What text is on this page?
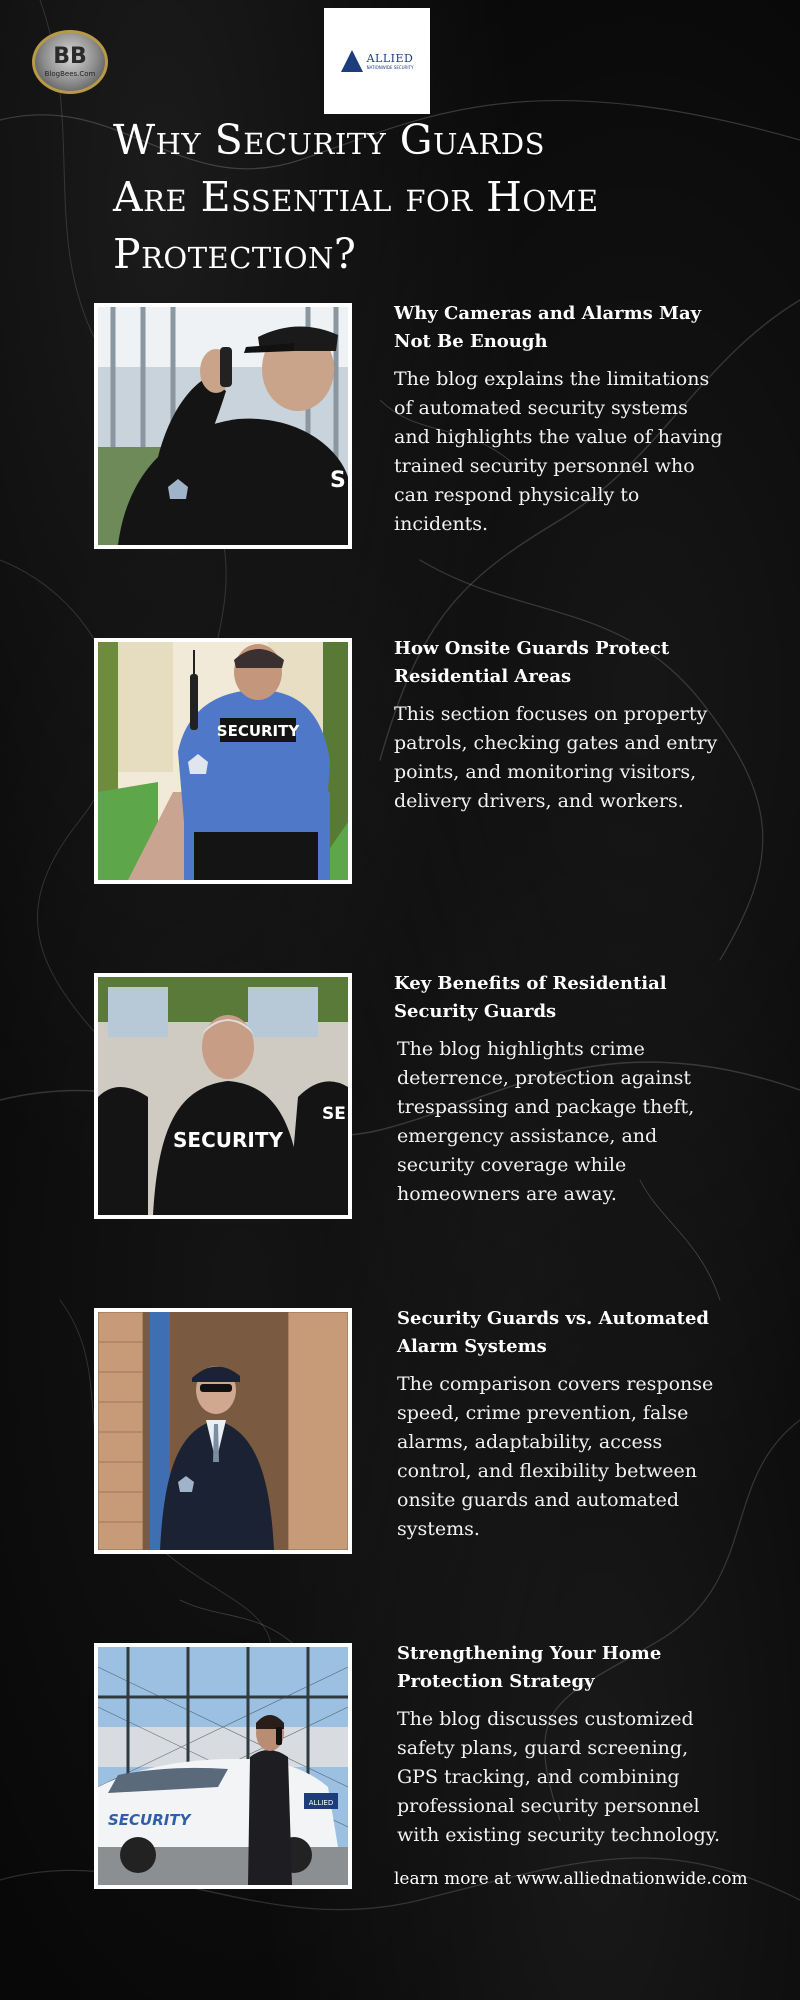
BB
BlogBees.Com
ALLIED
NATIONWIDE SECURITY
Why Security Guards
Are Essential for Home
Protection?
S
Why Cameras and Alarms May Not Be Enough

The blog explains the limitations of automated security systems and highlights the value of having trained security personnel who can respond physically to incidents.

SECURITY
How Onsite Guards Protect Residential Areas

This section focuses on property patrols, checking gates and entry points, and monitoring visitors, delivery drivers, and workers.

SECURITY
SE
Key Benefits of Residential Security Guards

The blog highlights crime deterrence, protection against trespassing and package theft, emergency assistance, and security coverage while homeowners are away.

Security Guards vs. Automated Alarm Systems

The comparison covers response speed, crime prevention, false alarms, adaptability, access control, and flexibility between onsite guards and automated systems.

SECURITY
ALLIED
Strengthening Your Home Protection Strategy

The blog discusses customized safety plans, guard screening, GPS tracking, and combining professional security personnel with existing security technology.

learn more at www.alliednationwide.com
